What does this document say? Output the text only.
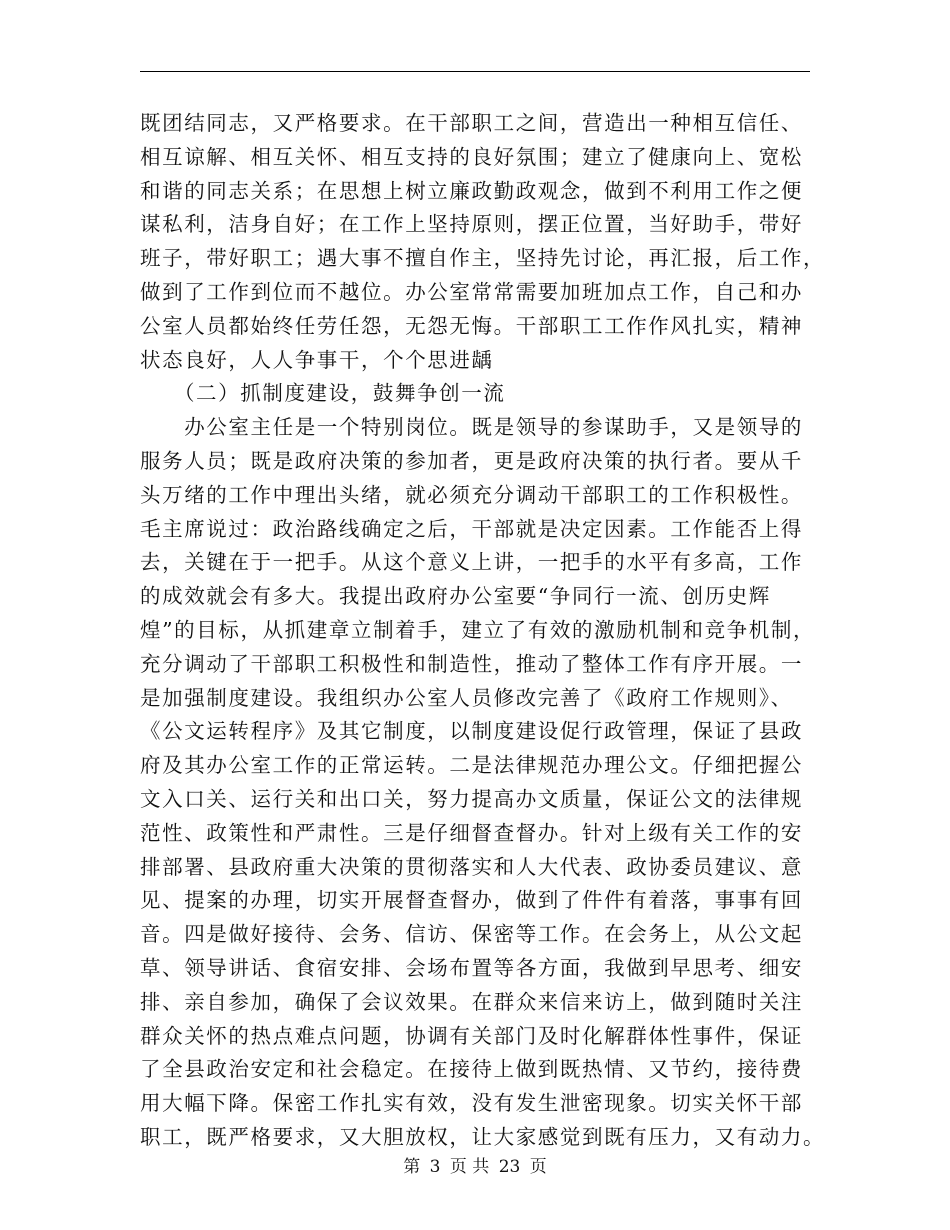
既团结同志，又严格要求。在干部职工之间，营造出一种相互信任、
相互谅解、相互关怀、相互支持的良好氛围；建立了健康向上、宽松
和谐的同志关系；在思想上树立廉政勤政观念，做到不利用工作之便
谋私利，洁身自好；在工作上坚持原则，摆正位置，当好助手，带好
班子，带好职工；遇大事不擅自作主，坚持先讨论，再汇报，后工作，
做到了工作到位而不越位。办公室常常需要加班加点工作，自己和办
公室人员都始终任劳任怨，无怨无悔。干部职工工作作风扎实，精神
状态良好，人人争事干，个个思进龋
　　（二）抓制度建设，鼓舞争创一流
　　办公室主任是一个特别岗位。既是领导的参谋助手，又是领导的
服务人员；既是政府决策的参加者，更是政府决策的执行者。要从千
头万绪的工作中理出头绪，就必须充分调动干部职工的工作积极性。
毛主席说过：政治路线确定之后，干部就是决定因素。工作能否上得
去，关键在于一把手。从这个意义上讲，一把手的水平有多高，工作
的成效就会有多大。我提出政府办公室要“争同行一流、创历史辉
煌”的目标，从抓建章立制着手，建立了有效的激励机制和竞争机制，
充分调动了干部职工积极性和制造性，推动了整体工作有序开展。一
是加强制度建设。我组织办公室人员修改完善了《政府工作规则》、
《公文运转程序》及其它制度，以制度建设促行政管理，保证了县政
府及其办公室工作的正常运转。二是法律规范办理公文。仔细把握公
文入口关、运行关和出口关，努力提高办文质量，保证公文的法律规
范性、政策性和严肃性。三是仔细督查督办。针对上级有关工作的安
排部署、县政府重大决策的贯彻落实和人大代表、政协委员建议、意
见、提案的办理，切实开展督查督办，做到了件件有着落，事事有回
音。四是做好接待、会务、信访、保密等工作。在会务上，从公文起
草、领导讲话、食宿安排、会场布置等各方面，我做到早思考、细安
排、亲自参加，确保了会议效果。在群众来信来访上，做到随时关注
群众关怀的热点难点问题，协调有关部门及时化解群体性事件，保证
了全县政治安定和社会稳定。在接待上做到既热情、又节约，接待费
用大幅下降。保密工作扎实有效，没有发生泄密现象。切实关怀干部
职工，既严格要求，又大胆放权，让大家感觉到既有压力，又有动力。
第 3 页 共 23 页
